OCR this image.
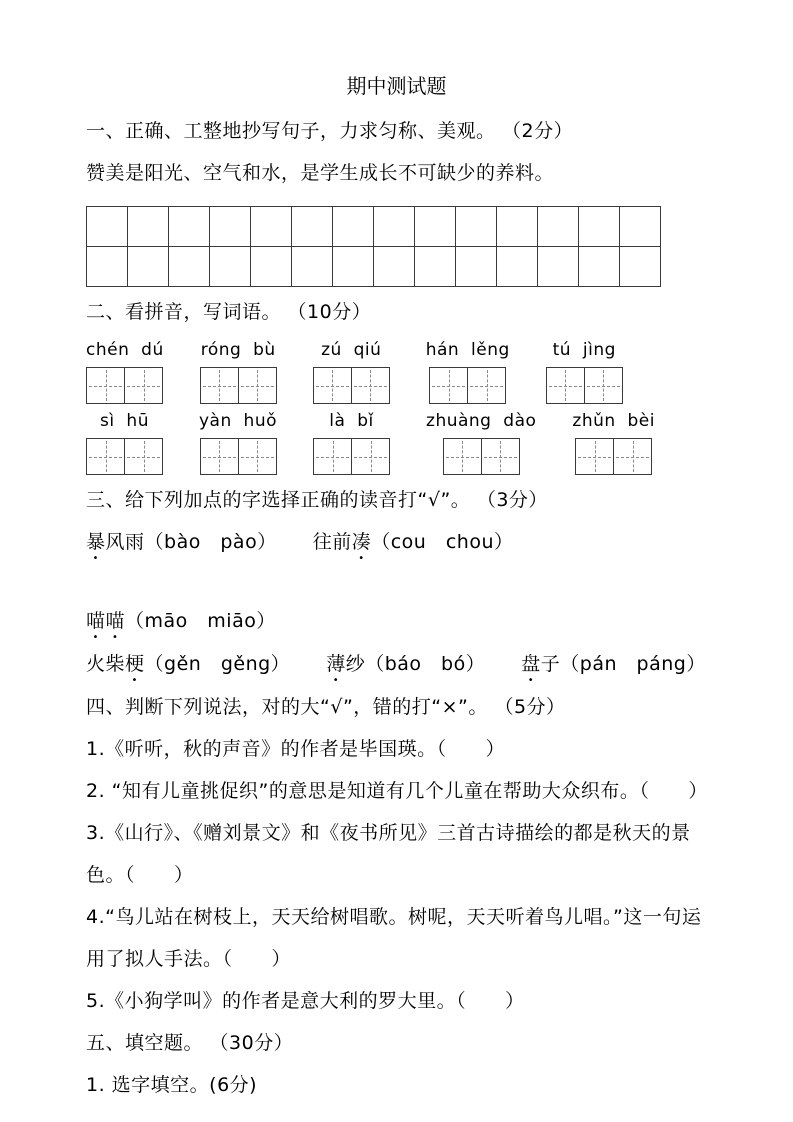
期中测试题

一、正确、工整地抄写句子，力求匀称、美观。 （2分）

赞美是阳光、空气和水，是学生成长不可缺少的养料。

二、看拼音，写词语。 （10分）

chén  dú róng  bù	zú  qiú	hán  lěng	tú  jìng
sì  hū	yàn  huǒ	là  bǐ	zhuàng  dào zhǔn  bèi

三、给下列加点的字选择正确的读音打“√”。 （3分）

暴风雨（bào　pào） 往前凑（cou　chou）
喵喵（māo　miāo）

火柴梗（gěn　gěng） 薄纱（báo　bó） 盘子（pán　páng）

四、判断下列说法，对的大“√”，错的打“×”。 （5分）

1.《听听，秋的声音》的作者是毕国瑛。（　　）

2. “知有儿童挑促织”的意思是知道有几个儿童在帮助大众织布。（　　）

3.《山行》、《赠刘景文》和《夜书所见》三首古诗描绘的都是秋天的景色。（　　）

4.“鸟儿站在树枝上，天天给树唱歌。树呢，天天听着鸟儿唱。”这一句运用了拟人手法。（　　）

5.《小狗学叫》的作者是意大利的罗大里。（　　）

五、填空题。 （30分）

1. 选字填空。(6分)
